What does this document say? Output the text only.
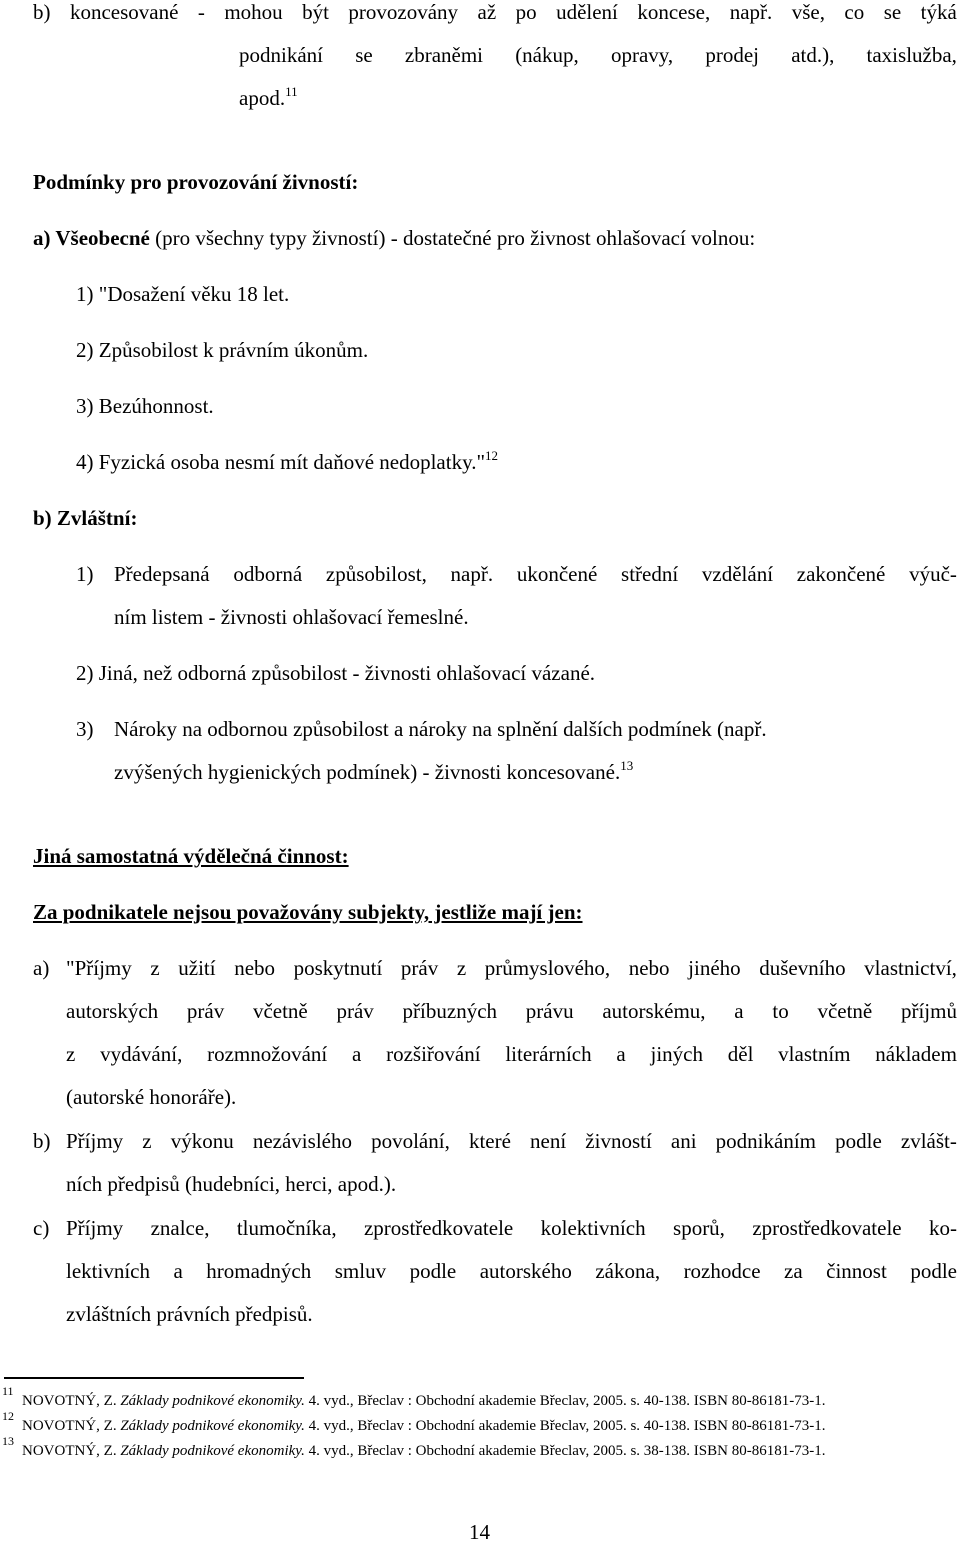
b) koncesované - mohou být provozovány až po udělení koncese, např. vše, co se týká
podnikání se zbraněmi (nákup, opravy, prodej atd.), taxislužba,
apod.$^{11}$
Podmínky pro provozování živností:
a) Všeobecné (pro všechny typy živností) - dostatečné pro živnost ohlašovací volnou:
1) "Dosažení věku 18 let.
2) Způsobilost k právním úkonům.
3) Bezúhonnost.
4) Fyzická osoba nesmí mít daňové nedoplatky."$^{12}$
b) Zvláštní:
1) Předepsaná odborná způsobilost, např. ukončené střední vzdělání zakončené výuč-
ním listem - živnosti ohlašovací řemeslné.
2) Jiná, než odborná způsobilost - živnosti ohlašovací vázané.
3) Nároky na odbornou způsobilost a nároky na splnění dalších podmínek (např.
zvýšených hygienických podmínek) - živnosti koncesované.$^{13}$
Jiná samostatná výdělečná činnost:
Za podnikatele nejsou považovány subjekty, jestliže mají jen:
a) "Příjmy z užití nebo poskytnutí práv z průmyslového, nebo jiného duševního vlastnictví,
autorských práv včetně práv příbuzných právu autorskému, a to včetně příjmů
z vydávání, rozmnožování a rozšiřování literárních a jiných děl vlastním nákladem
(autorské honoráře).
b) Příjmy z výkonu nezávislého povolání, které není živností ani podnikáním podle zvlášt-
ních předpisů (hudebníci, herci, apod.).
c) Příjmy znalce, tlumočníka, zprostředkovatele kolektivních sporů, zprostředkovatele ko-
lektivních a hromadných smluv podle autorského zákona, rozhodce za činnost podle
zvláštních právních předpisů.
11
NOVOTNÝ, Z. Základy podnikové ekonomiky. 4. vyd., Břeclav : Obchodní akademie Břeclav, 2005. s. 40-138. ISBN 80-86181-73-1.
12
NOVOTNÝ, Z. Základy podnikové ekonomiky. 4. vyd., Břeclav : Obchodní akademie Břeclav, 2005. s. 40-138. ISBN 80-86181-73-1.
13
NOVOTNÝ, Z. Základy podnikové ekonomiky. 4. vyd., Břeclav : Obchodní akademie Břeclav, 2005. s. 38-138. ISBN 80-86181-73-1.
14
